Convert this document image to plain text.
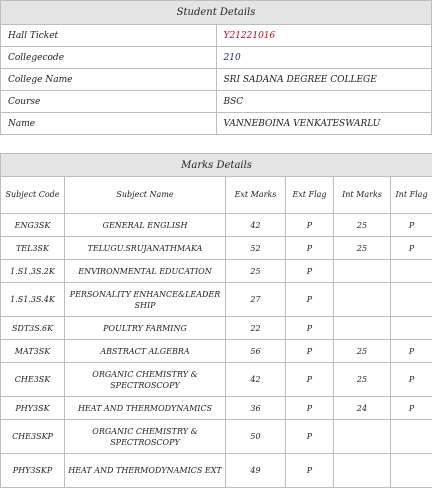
Student Details	
Hall Ticket	Y21221016
Collegecode	210
College Name	SRI SADANA DEGREE COLLEGE
Course	BSC
Name	VANNEBOINA VENKATESWARLU
Marks Details					
Subject Code	Subject Name	Ext Marks	Ext Flag	Int Marks	Int Flag
ENG3SK	GENERAL ENGLISH	42	P	25	P
TEL3SK	TELUGU.SRUJANATHMAKA	52	P	25	P
1.S1.3S.2K	ENVIRONMENTAL EDUCATION	25	P		
1.S1.3S.4K	PERSONALITY ENHANCE&LEADER SHIP	27	P		
SDT3S.6K	POULTRY FARMING	22	P		
MAT3SK	ABSTRACT ALGEBRA	56	P	25	P
CHE3SK	ORGANIC CHEMISTRY & SPECTROSCOPY	42	P	25	P
PHY3SK	HEAT AND THERMODYNAMICS	36	P	24	P
CHE3SKP	ORGANIC CHEMISTRY & SPECTROSCOPY	50	P		
PHY3SKP	HEAT AND THERMODYNAMICS EXT	49	P		
